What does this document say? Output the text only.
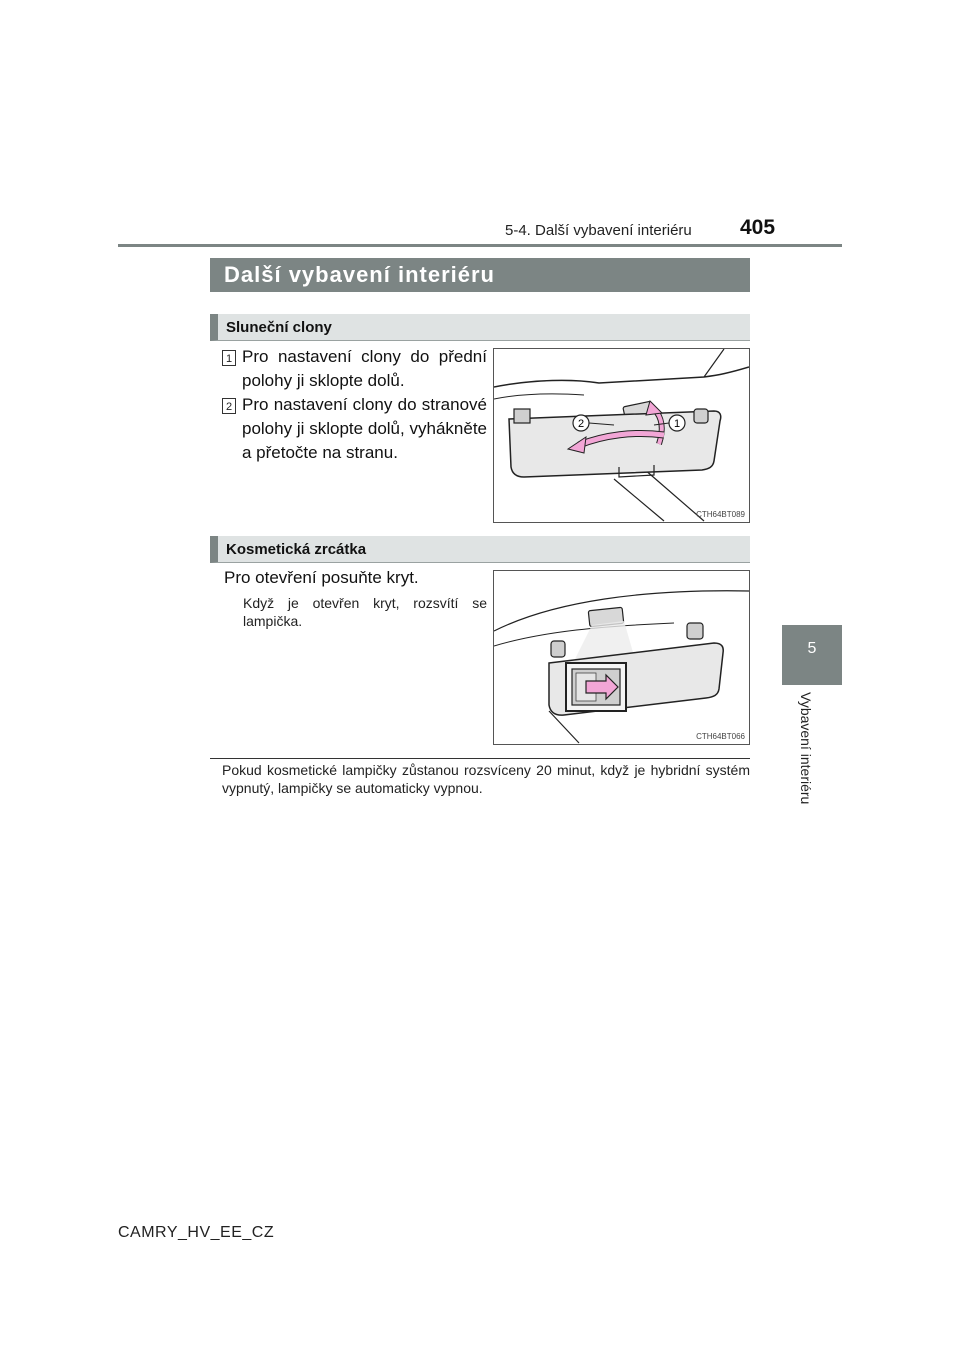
5-4. Další vybavení interiéru 405
5
Vybavení interiéru
Další vybavení interiéru
Sluneční clony
1 Pro nastavení clony do přední polohy ji sklopte dolů.
2 Pro nastavení clony do stranové polohy ji sklopte dolů, vyhákněte a přetočte na stranu.
2	1
CTH64BT089
Kosmetická zrcátka
Pro otevření posuňte kryt.
Když je otevřen kryt, rozsvítí se lampička.
CTH64BT066
Pokud kosmetické lampičky zůstanou rozsvíceny 20 minut, když je hybridní systém vypnutý, lampičky se automaticky vypnou.
CAMRY_HV_EE_CZ
